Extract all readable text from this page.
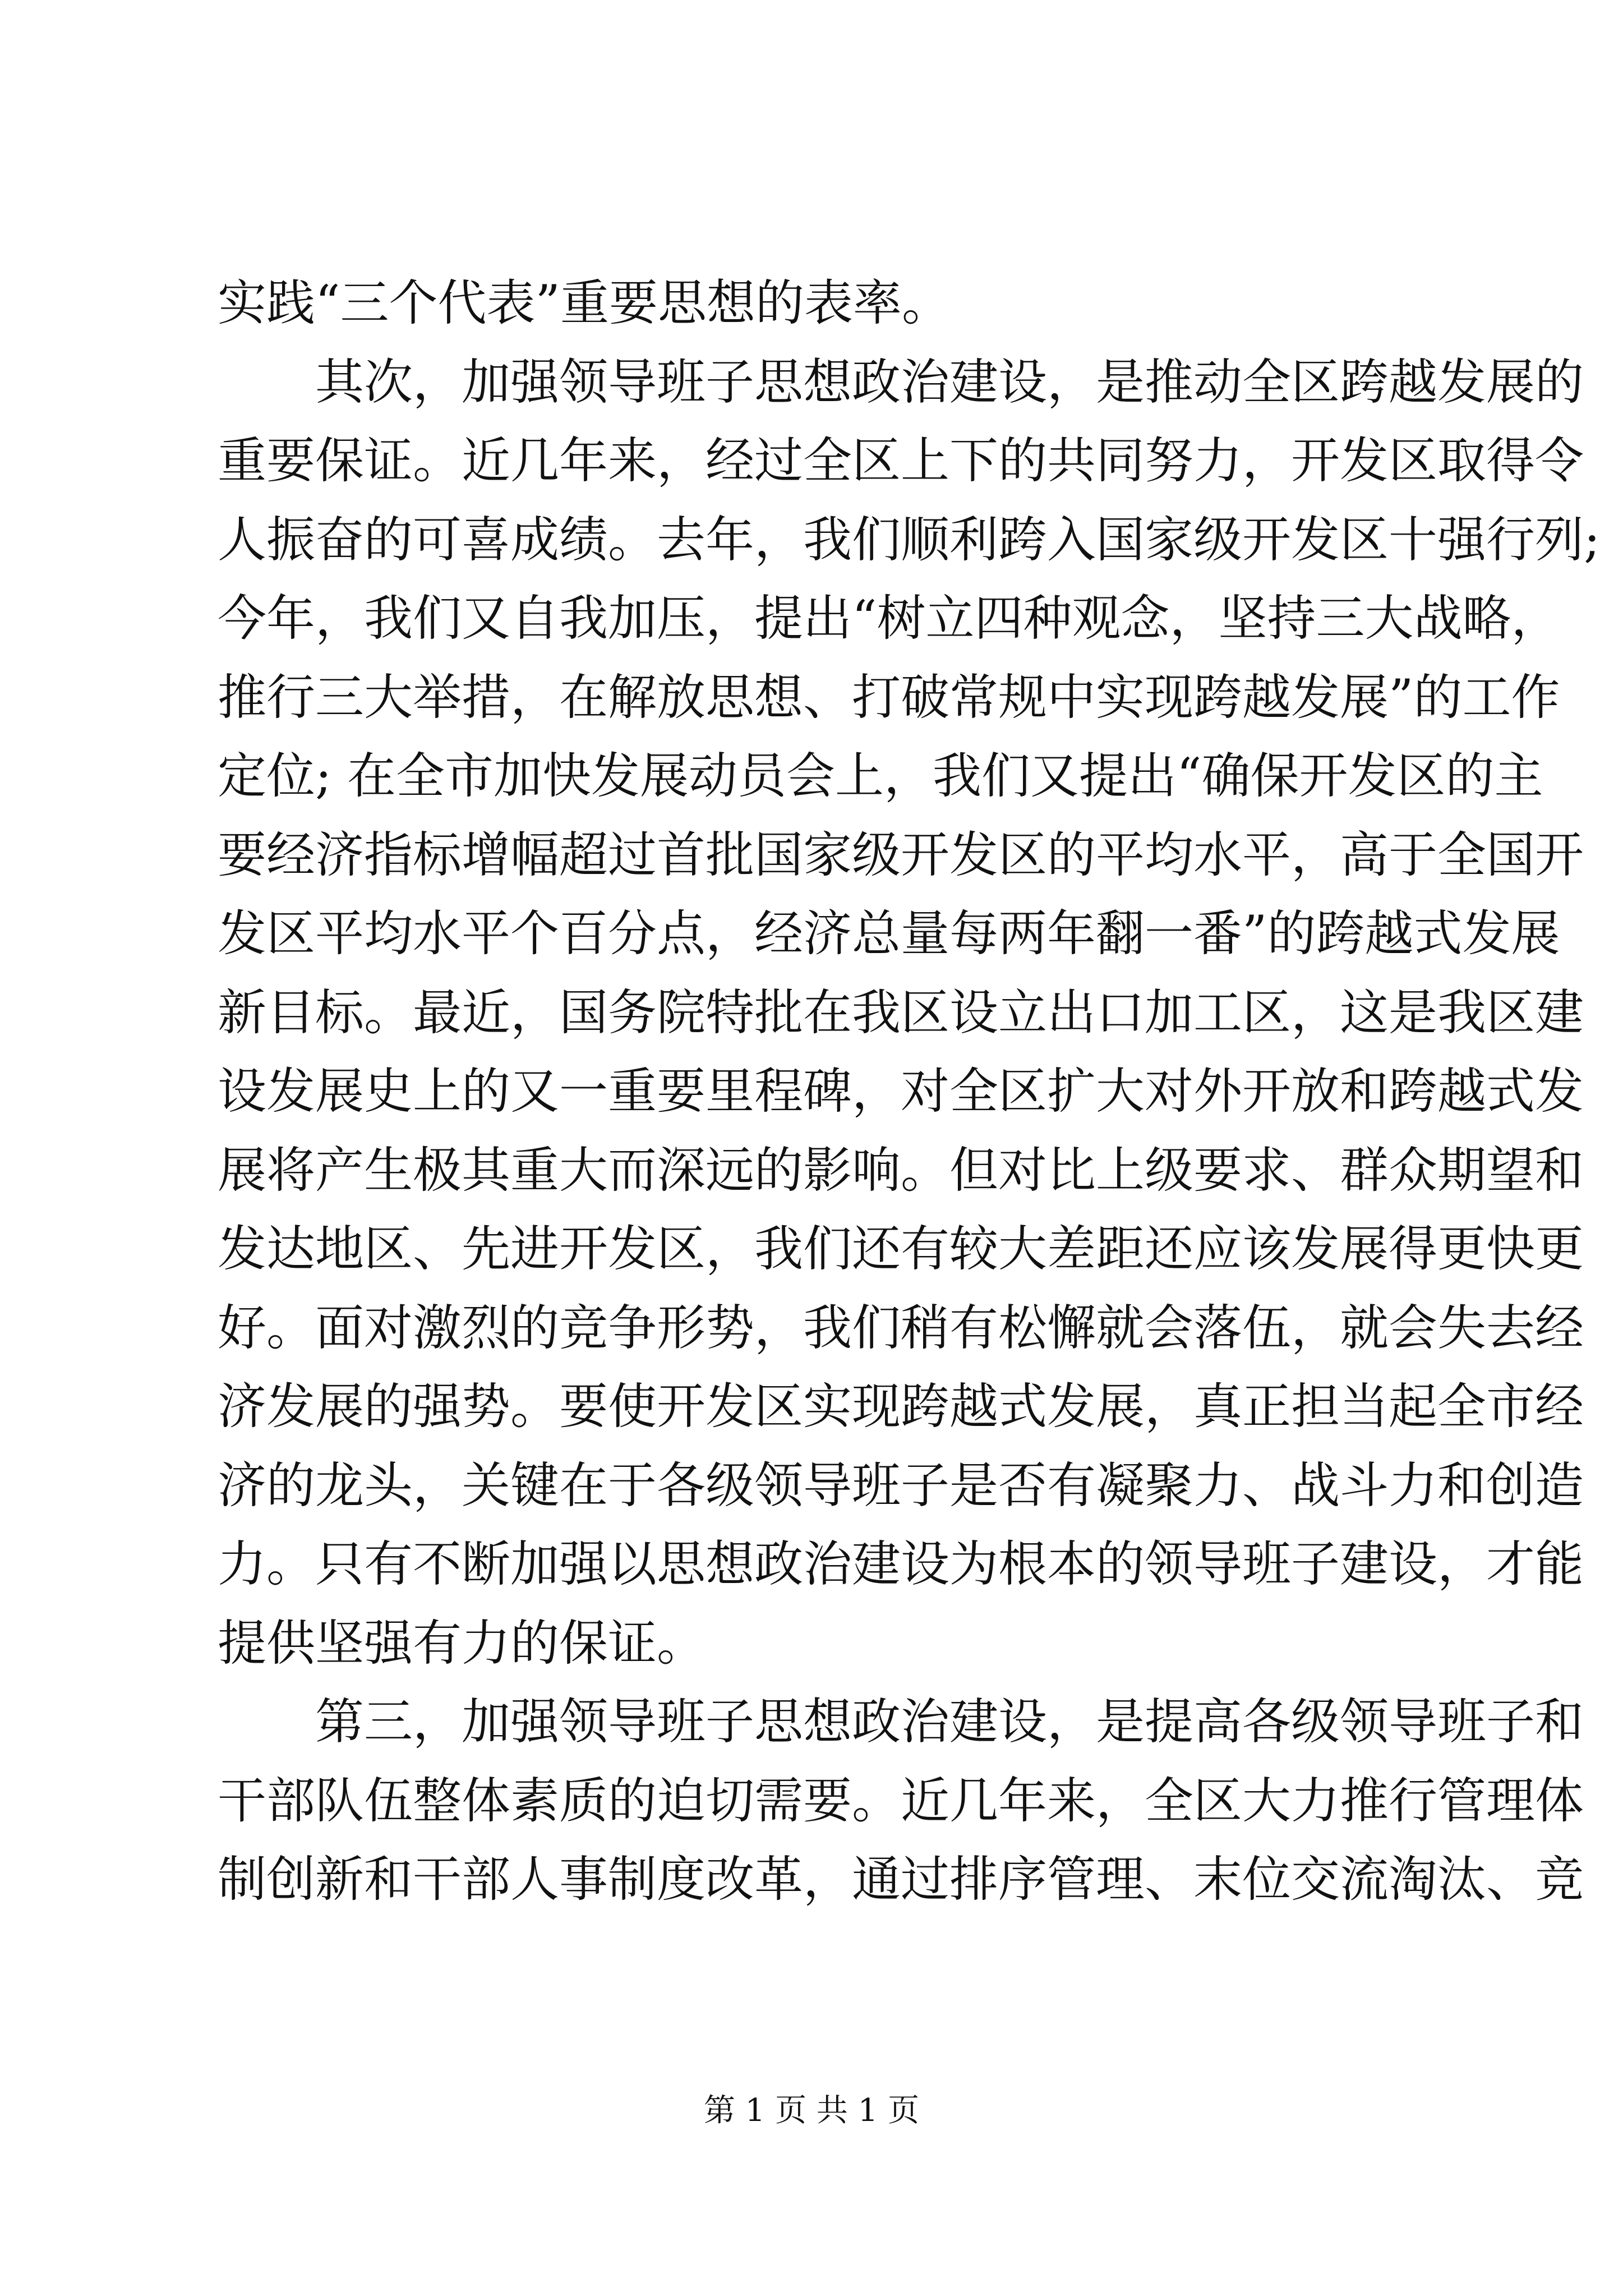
实践“三个代表”重要思想的表率。
　　其次，加强领导班子思想政治建设，是推动全区跨越发展的
重要保证。近几年来，经过全区上下的共同努力，开发区取得令
人振奋的可喜成绩。去年，我们顺利跨入国家级开发区十强行列;
今年，我们又自我加压，提出“树立四种观念，坚持三大战略，
推行三大举措，在解放思想、打破常规中实现跨越发展”的工作
定位; 在全市加快发展动员会上，我们又提出“确保开发区的主
要经济指标增幅超过首批国家级开发区的平均水平，高于全国开
发区平均水平个百分点，经济总量每两年翻一番”的跨越式发展
新目标。最近，国务院特批在我区设立出口加工区，这是我区建
设发展史上的又一重要里程碑，对全区扩大对外开放和跨越式发
展将产生极其重大而深远的影响。但对比上级要求、群众期望和
发达地区、先进开发区，我们还有较大差距还应该发展得更快更
好。面对激烈的竞争形势，我们稍有松懈就会落伍，就会失去经
济发展的强势。要使开发区实现跨越式发展，真正担当起全市经
济的龙头，关键在于各级领导班子是否有凝聚力、战斗力和创造
力。只有不断加强以思想政治建设为根本的领导班子建设，才能
提供坚强有力的保证。
　　第三，加强领导班子思想政治建设，是提高各级领导班子和
干部队伍整体素质的迫切需要。近几年来，全区大力推行管理体
制创新和干部人事制度改革，通过排序管理、末位交流淘汰、竞
第 1 页 共 1 页
